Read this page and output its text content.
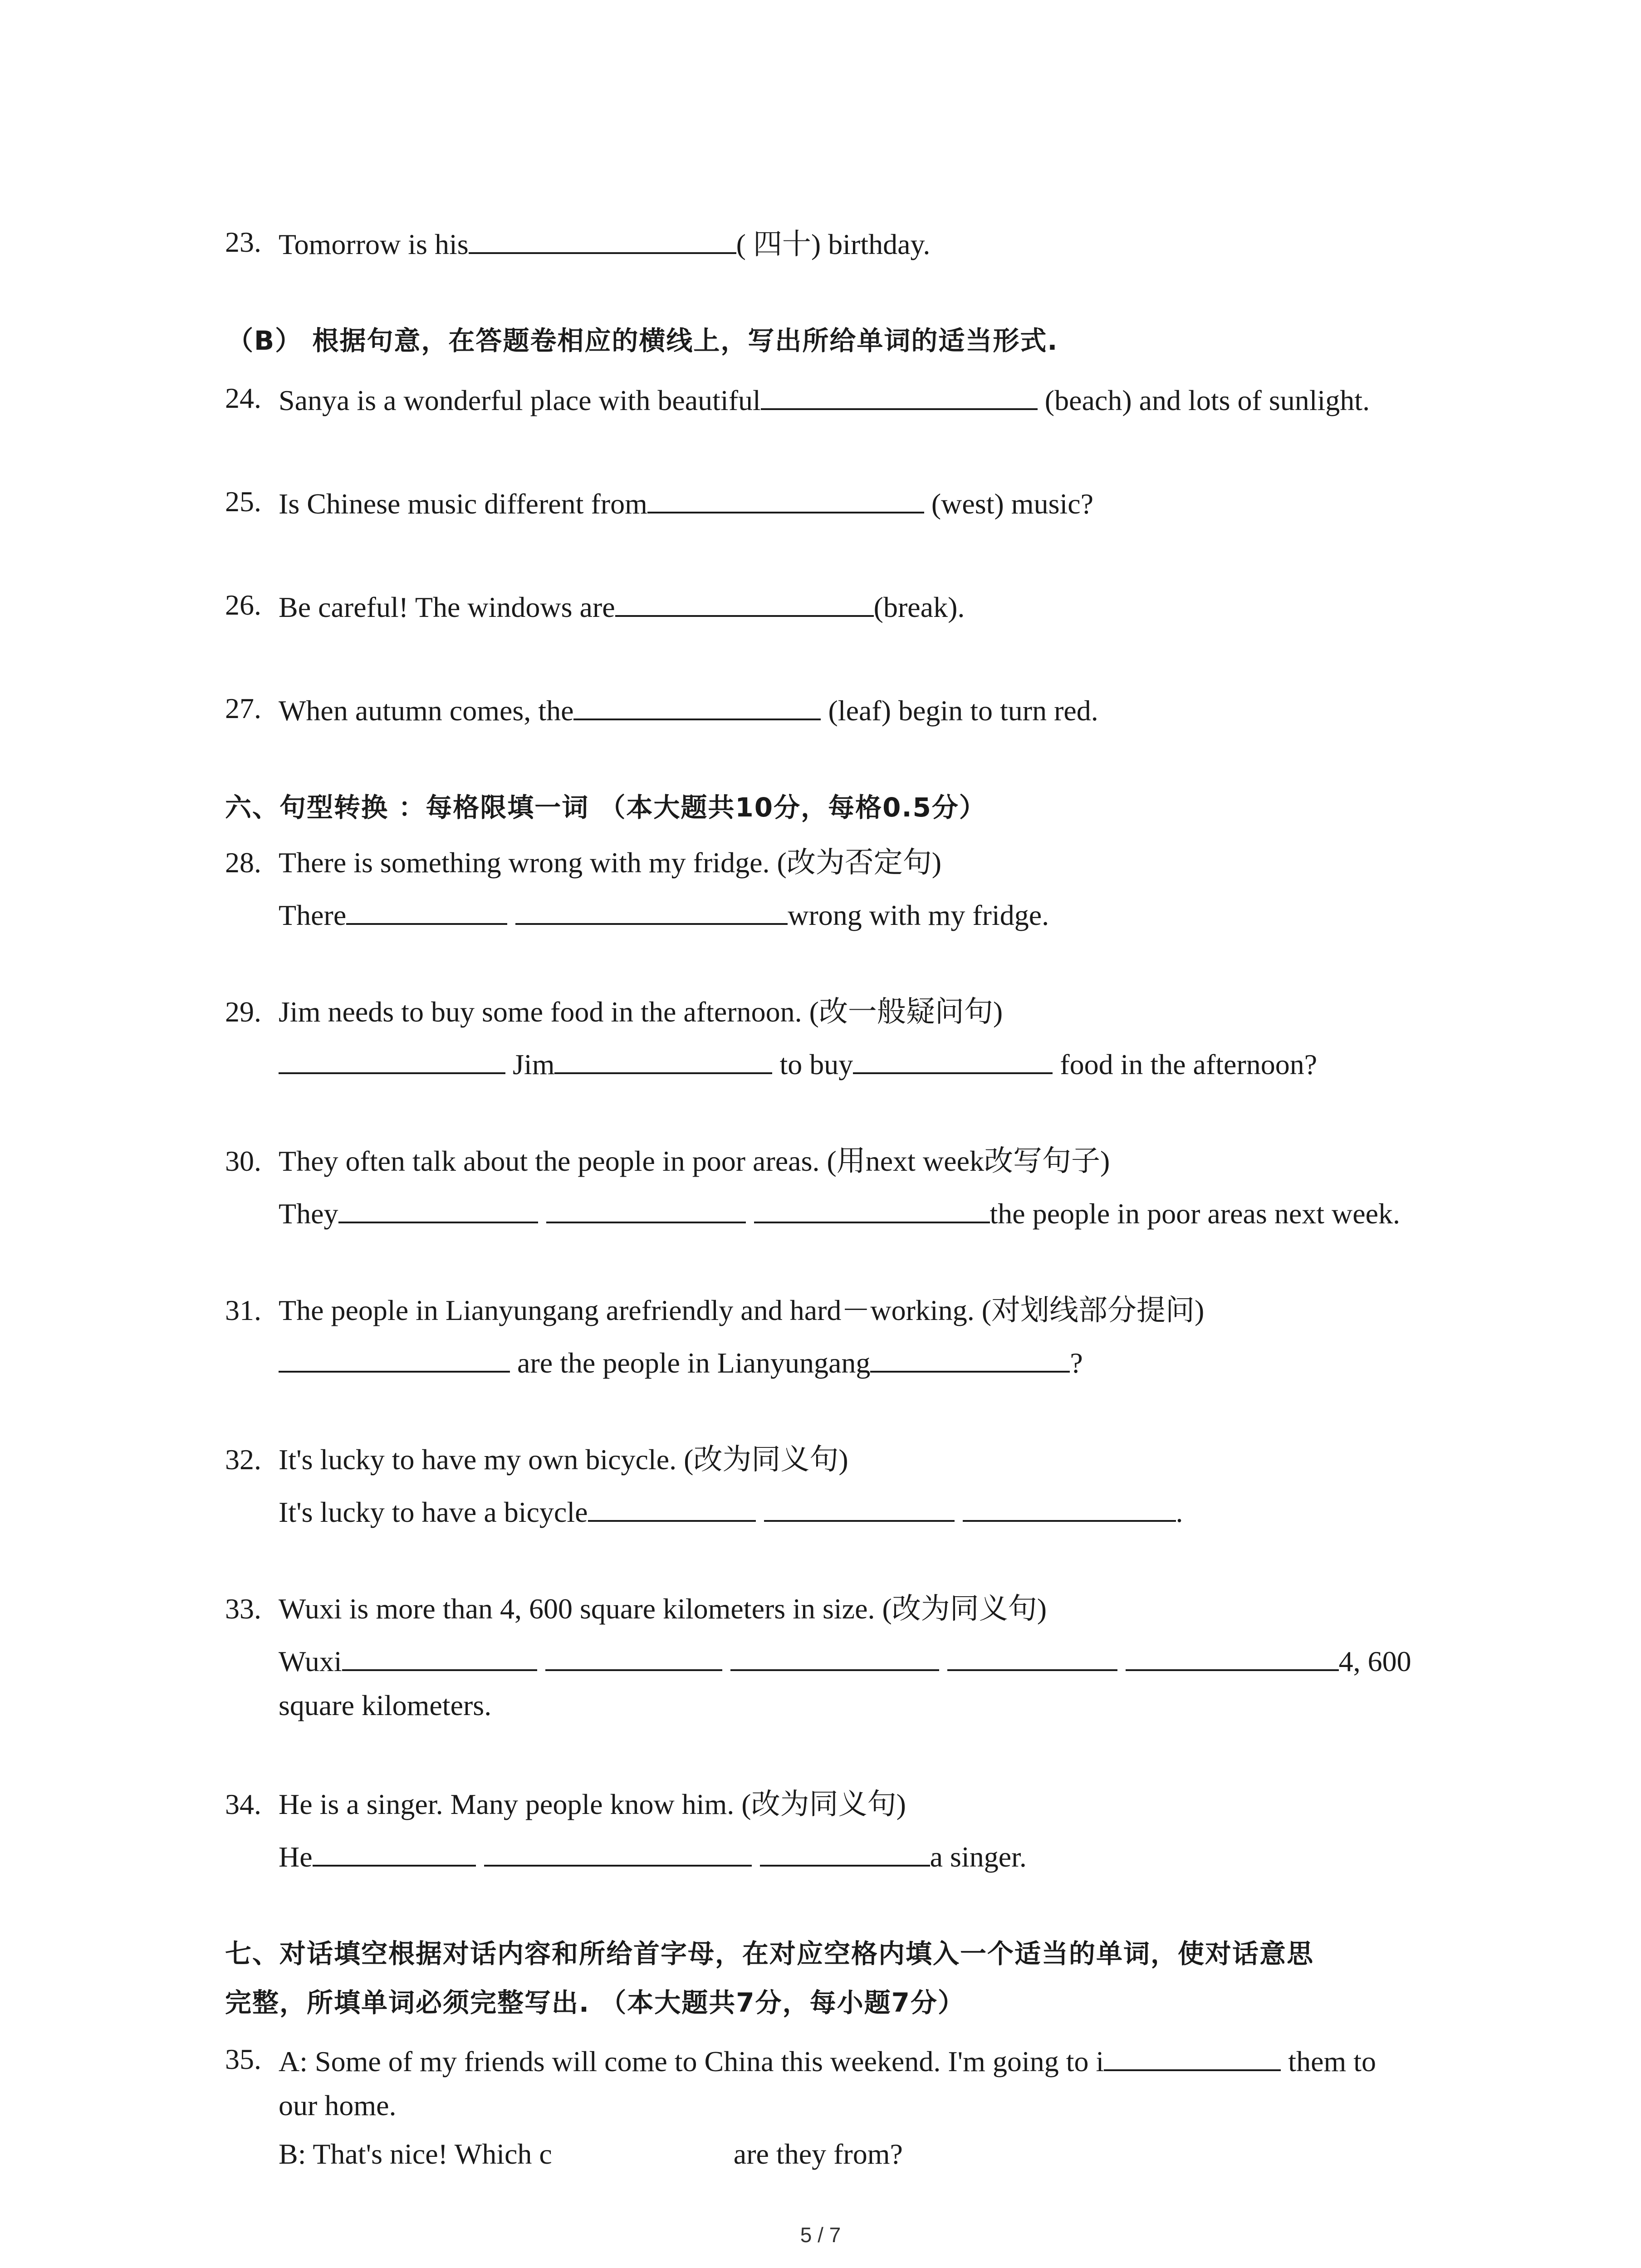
23. Tomorrow is his	( 四十) birthday.
（B） 根据句意，在答题卷相应的横线上，写出所给单词的适当形式.
24. Sanya is a wonderful place with beautiful	(beach) and lots of sunlight.
25. Is Chinese music different from	(west) music?
26. Be careful! The windows are	(break).
27. When autumn comes, the	(leaf) begin to turn red.
六、句型转换 ：每格限填一词 （本大题共10分，每格0.5分）
28. There is something wrong with my fridge. (改为否定句)
There	wrong with my fridge.
29. Jim needs to buy some food in the afternoon. (改一般疑问句)
Jim	to buy	food in the afternoon?
30. They often talk about the people in poor areas. (用next week改写句子)
They	the people in poor areas next week.
31. The people in Lianyungang arefriendly and hard－working. (对划线部分提问)
are the people in Lianyungang	?
32. It's lucky to have my own bicycle. (改为同义句)
It's lucky to have a bicycle	.
33. Wuxi is more than 4, 600 square kilometers in size. (改为同义句)
Wuxi	4, 600
square kilometers.
34. He is a singer. Many people know him. (改为同义句)
He	a singer.
七、对话填空根据对话内容和所给首字母，在对应空格内填入一个适当的单词，使对话意思
完整，所填单词必须完整写出. （本大题共7分，每小题7分）
35. A: Some of my friends will come to China this weekend. I'm going to i	them to
our home.
B: That's nice! Which c	are they from?
5 / 7
